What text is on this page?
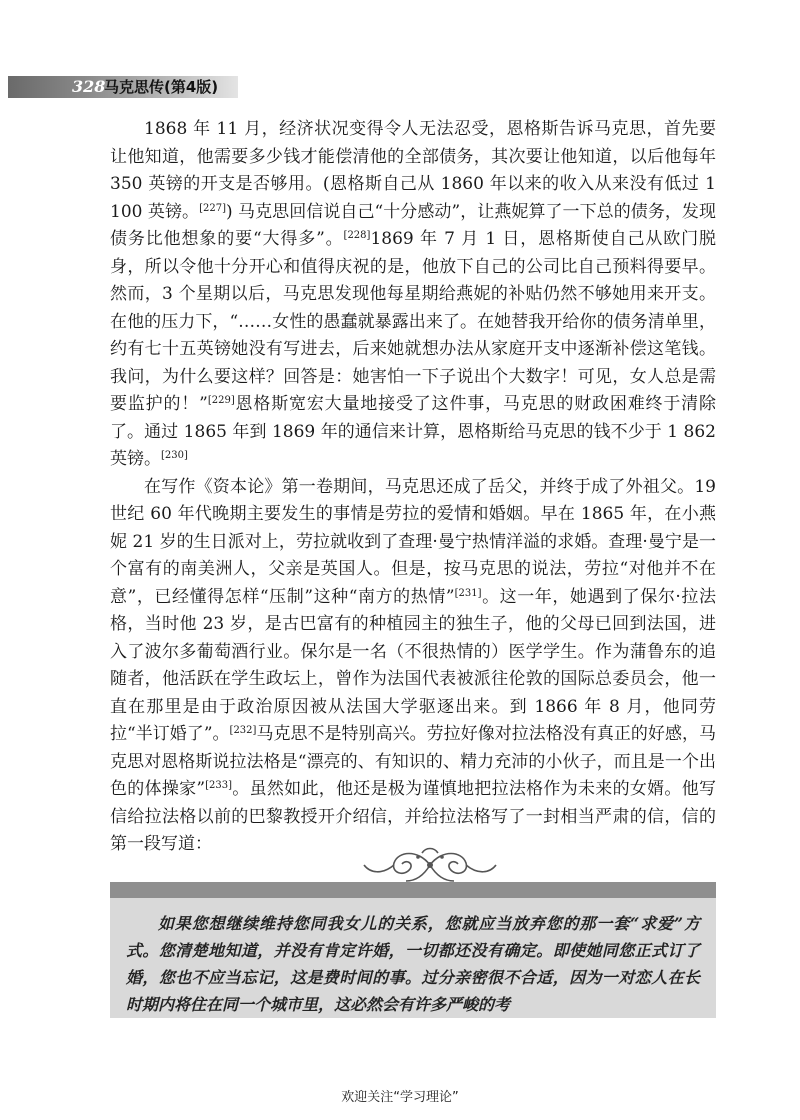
328
马克思传(第4版)

1868 年 11 月，经济状况变得令人无法忍受，恩格斯告诉马克思，首先要让他知道，他需要多少钱才能偿清他的全部债务，其次要让他知道，以后他每年 350 英镑的开支是否够用。(恩格斯自己从 1860 年以来的收入从来没有低过 1 100 英镑。[227]) 马克思回信说自己“十分感动”，让燕妮算了一下总的债务，发现债务比他想象的要“大得多”。[228]1869 年 7 月 1 日，恩格斯使自己从欧门脱身，所以令他十分开心和值得庆祝的是，他放下自己的公司比自己预料得要早。然而，3 个星期以后，马克思发现他每星期给燕妮的补贴仍然不够她用来开支。在他的压力下，“……女性的愚蠢就暴露出来了。在她替我开给你的债务清单里，约有七十五英镑她没有写进去，后来她就想办法从家庭开支中逐渐补偿这笔钱。我问，为什么要这样？回答是：她害怕一下子说出个大数字！可见，女人总是需要监护的！”[229]恩格斯宽宏大量地接受了这件事，马克思的财政困难终于清除了。通过 1865 年到 1869 年的通信来计算，恩格斯给马克思的钱不少于 1 862 英镑。[230]

在写作《资本论》第一卷期间，马克思还成了岳父，并终于成了外祖父。19 世纪 60 年代晚期主要发生的事情是劳拉的爱情和婚姻。早在 1865 年，在小燕妮 21 岁的生日派对上，劳拉就收到了查理·曼宁热情洋溢的求婚。查理·曼宁是一个富有的南美洲人，父亲是英国人。但是，按马克思的说法，劳拉“对他并不在意”，已经懂得怎样“压制”这种“南方的热情”[231]。这一年，她遇到了保尔·拉法格，当时他 23 岁，是古巴富有的种植园主的独生子，他的父母已回到法国，进入了波尔多葡萄酒行业。保尔是一名（不很热情的）医学学生。作为蒲鲁东的追随者，他活跃在学生政坛上，曾作为法国代表被派往伦敦的国际总委员会，他一直在那里是由于政治原因被从法国大学驱逐出来。到 1866 年 8 月，他同劳拉“半订婚了”。[232]马克思不是特别高兴。劳拉好像对拉法格没有真正的好感，马克思对恩格斯说拉法格是“漂亮的、有知识的、精力充沛的小伙子，而且是一个出色的体操家”[233]。虽然如此，他还是极为谨慎地把拉法格作为未来的女婿。他写信给拉法格以前的巴黎教授开介绍信，并给拉法格写了一封相当严肃的信，信的第一段写道：

如果您想继续维持您同我女儿的关系，您就应当放弃您的那一套“求爱”方式。您清楚地知道，并没有肯定许婚，一切都还没有确定。即使她同您正式订了婚，您也不应当忘记，这是费时间的事。过分亲密很不合适，因为一对恋人在长时期内将住在同一个城市里，这必然会有许多严峻的考

欢迎关注“学习理论”
